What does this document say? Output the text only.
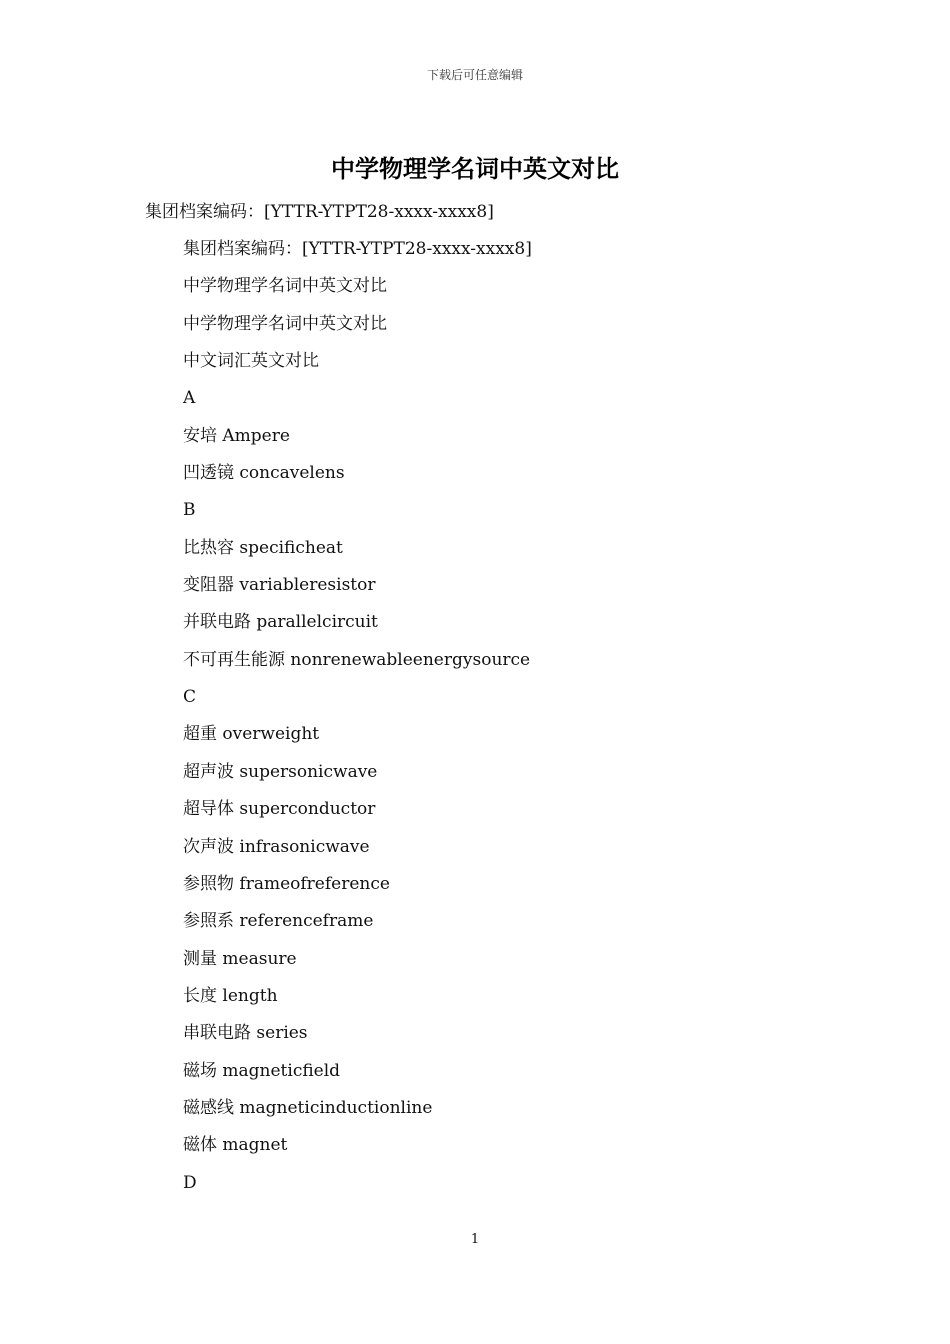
下载后可任意编辑
中学物理学名词中英文对比
集团档案编码：[YTTR-YTPT28-xxxx-xxxx8]
集团档案编码：[YTTR-YTPT28-xxxx-xxxx8]
中学物理学名词中英文对比
中学物理学名词中英文对比
中文词汇英文对比
A
安培 Ampere
凹透镜 concavelens
B
比热容 specificheat
变阻器 variableresistor
并联电路 parallelcircuit
不可再生能源 nonrenewableenergysource
C
超重 overweight
超声波 supersonicwave
超导体 superconductor
次声波 infrasonicwave
参照物 frameofreference
参照系 referenceframe
测量 measure
长度 length
串联电路 series
磁场 magneticfield
磁感线 magneticinductionline
磁体 magnet
D
1
